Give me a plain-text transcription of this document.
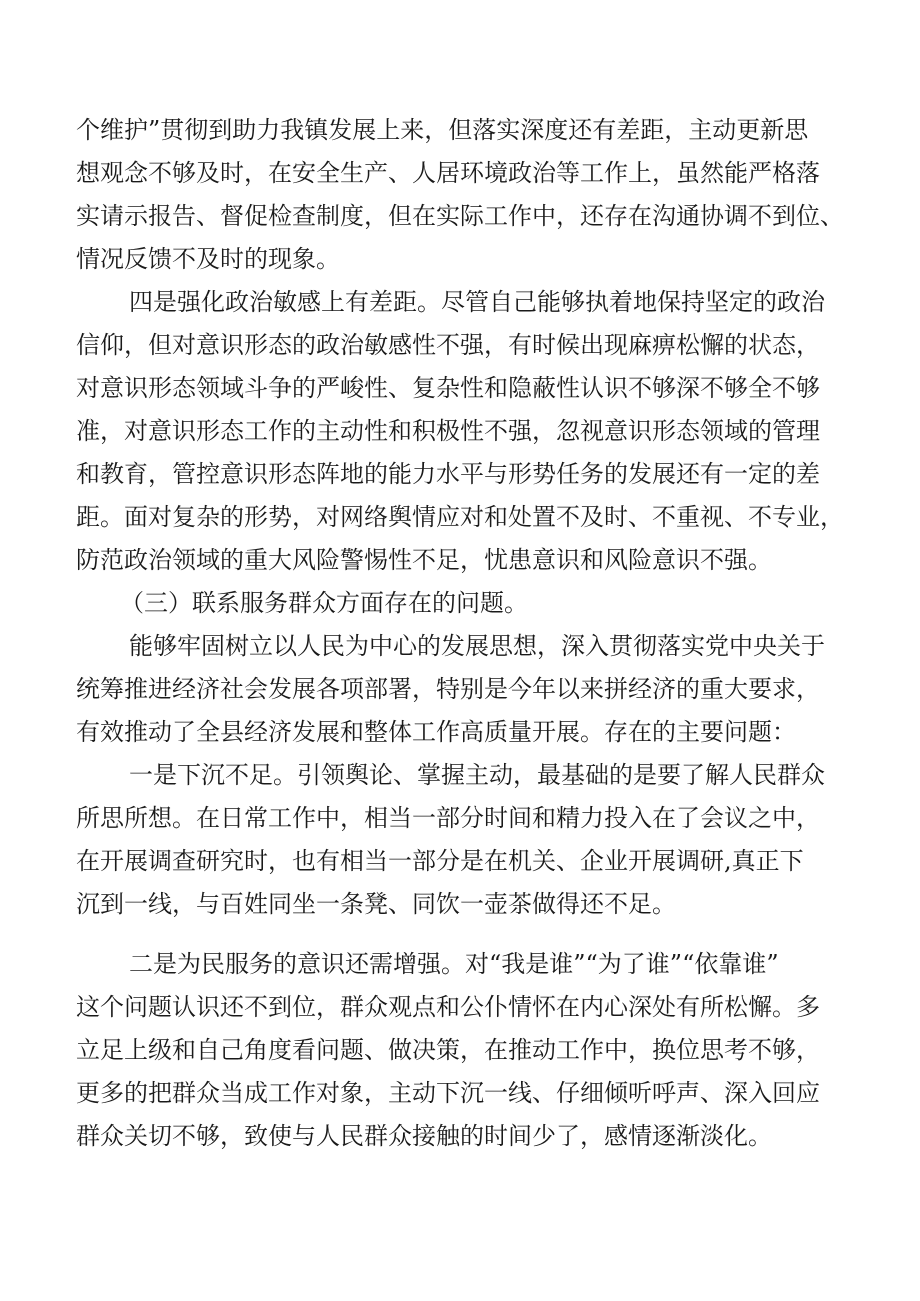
个维护”贯彻到助力我镇发展上来，但落实深度还有差距，主动更新思
想观念不够及时，在安全生产、人居环境政治等工作上，虽然能严格落
实请示报告、督促检查制度，但在实际工作中，还存在沟通协调不到位、
情况反馈不及时的现象。
四是强化政治敏感上有差距。尽管自己能够执着地保持坚定的政治
信仰，但对意识形态的政治敏感性不强，有时候出现麻痹松懈的状态，
对意识形态领域斗争的严峻性、复杂性和隐蔽性认识不够深不够全不够
准，对意识形态工作的主动性和积极性不强，忽视意识形态领域的管理
和教育，管控意识形态阵地的能力水平与形势任务的发展还有一定的差
距。面对复杂的形势，对网络舆情应对和处置不及时、不重视、不专业，
防范政治领域的重大风险警惕性不足，忧患意识和风险意识不强。
（三）联系服务群众方面存在的问题。
能够牢固树立以人民为中心的发展思想，深入贯彻落实党中央关于
统筹推进经济社会发展各项部署，特别是今年以来拼经济的重大要求，
有效推动了全县经济发展和整体工作高质量开展。存在的主要问题：
一是下沉不足。引领舆论、掌握主动，最基础的是要了解人民群众
所思所想。在日常工作中，相当一部分时间和精力投入在了会议之中，
在开展调查研究时，也有相当一部分是在机关、企业开展调研,真正下
沉到一线，与百姓同坐一条凳、同饮一壶茶做得还不足。
二是为民服务的意识还需增强。对“我是谁”“为了谁”“依靠谁”
这个问题认识还不到位，群众观点和公仆情怀在内心深处有所松懈。多
立足上级和自己角度看问题、做决策，在推动工作中，换位思考不够，
更多的把群众当成工作对象，主动下沉一线、仔细倾听呼声、深入回应
群众关切不够，致使与人民群众接触的时间少了，感情逐渐淡化。
